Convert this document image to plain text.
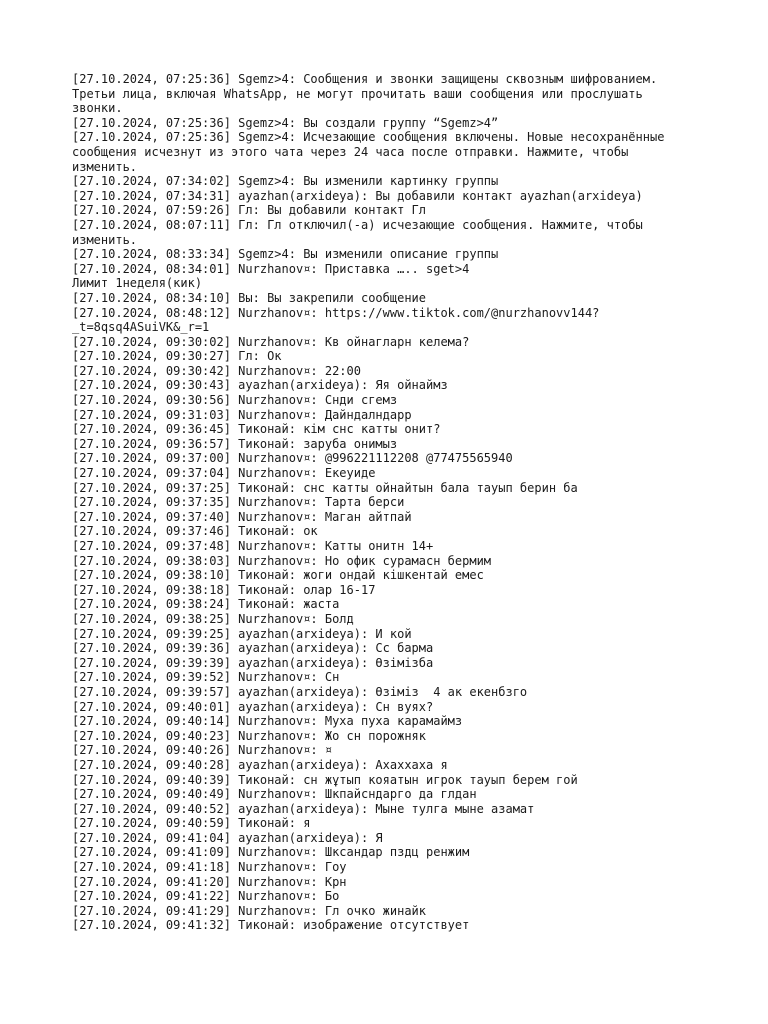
[27.10.2024, 07:25:36] Sgemz>4: Сообщения и звонки защищены сквозным шифрованием.
Третьи лица, включая WhatsApp, не могут прочитать ваши сообщения или прослушать
звонки.
[27.10.2024, 07:25:36] Sgemz>4: Вы создали группу “Sgemz>4”
[27.10.2024, 07:25:36] Sgemz>4: Исчезающие сообщения включены. Новые несохранённые
сообщения исчезнут из этого чата через 24 часа после отправки. Нажмите, чтобы
изменить.
[27.10.2024, 07:34:02] Sgemz>4: Вы изменили картинку группы
[27.10.2024, 07:34:31] ayazhan(arxideya): Вы добавили контакт ayazhan(arxideya)
[27.10.2024, 07:59:26] Гл: Вы добавили контакт Гл
[27.10.2024, 08:07:11] Гл: Гл отключил(-а) исчезающие сообщения. Нажмите, чтобы
изменить.
[27.10.2024, 08:33:34] Sgemz>4: Вы изменили описание группы
[27.10.2024, 08:34:01] Nurzhanov¤: Приставка ….. sget>4
Лимит 1неделя(кик)
[27.10.2024, 08:34:10] Вы: Вы закрепили сообщение
[27.10.2024, 08:48:12] Nurzhanov¤: https://www.tiktok.com/@nurzhanovv144?
_t=8qsq4ASuiVK&_r=1
[27.10.2024, 09:30:02] Nurzhanov¤: Кв ойнагларн келема?
[27.10.2024, 09:30:27] Гл: Ок
[27.10.2024, 09:30:42] Nurzhanov¤: 22:00
[27.10.2024, 09:30:43] ayazhan(arxideya): Яя ойнаймз
[27.10.2024, 09:30:56] Nurzhanov¤: Снди сгемз
[27.10.2024, 09:31:03] Nurzhanov¤: Дайндалндарр
[27.10.2024, 09:36:45] Тиконай: кім снс катты онит?
[27.10.2024, 09:36:57] Тиконай: заруба онимыз
[27.10.2024, 09:37:00] Nurzhanov¤: @996221112208 @77475565940
[27.10.2024, 09:37:04] Nurzhanov¤: Екеуиде
[27.10.2024, 09:37:25] Тиконай: снс катты ойнайтын бала тауып берин ба
[27.10.2024, 09:37:35] Nurzhanov¤: Тарта берси
[27.10.2024, 09:37:40] Nurzhanov¤: Маган айтпай
[27.10.2024, 09:37:46] Тиконай: ок
[27.10.2024, 09:37:48] Nurzhanov¤: Катты онитн 14+
[27.10.2024, 09:38:03] Nurzhanov¤: Но офик сурамасн бермим
[27.10.2024, 09:38:10] Тиконай: жоги ондай кішкентай емес
[27.10.2024, 09:38:18] Тиконай: олар 16-17
[27.10.2024, 09:38:24] Тиконай: жаста
[27.10.2024, 09:38:25] Nurzhanov¤: Болд
[27.10.2024, 09:39:25] ayazhan(arxideya): И кой
[27.10.2024, 09:39:36] ayazhan(arxideya): Сс барма
[27.10.2024, 09:39:39] ayazhan(arxideya): Өзімізба
[27.10.2024, 09:39:52] Nurzhanov¤: Сн
[27.10.2024, 09:39:57] ayazhan(arxideya): Өзіміз  4 ак екенбзго
[27.10.2024, 09:40:01] ayazhan(arxideya): Сн вуях?
[27.10.2024, 09:40:14] Nurzhanov¤: Муха пуха карамаймз
[27.10.2024, 09:40:23] Nurzhanov¤: Жо сн порожняк
[27.10.2024, 09:40:26] Nurzhanov¤: ¤
[27.10.2024, 09:40:28] ayazhan(arxideya): Ахаххаха я
[27.10.2024, 09:40:39] Тиконай: сн жұтып кояатын игрок тауып берем гой
[27.10.2024, 09:40:49] Nurzhanov¤: Шкпайсндарго да глдан
[27.10.2024, 09:40:52] ayazhan(arxideya): Мыне тулга мыне азамат
[27.10.2024, 09:40:59] Тиконай: я
[27.10.2024, 09:41:04] ayazhan(arxideya): Я
[27.10.2024, 09:41:09] Nurzhanov¤: Шксандар пздц ренжим
[27.10.2024, 09:41:18] Nurzhanov¤: Гоу
[27.10.2024, 09:41:20] Nurzhanov¤: Крн
[27.10.2024, 09:41:22] Nurzhanov¤: Бо
[27.10.2024, 09:41:29] Nurzhanov¤: Гл очко жинайк
[27.10.2024, 09:41:32] Тиконай: изображение отсутствует
